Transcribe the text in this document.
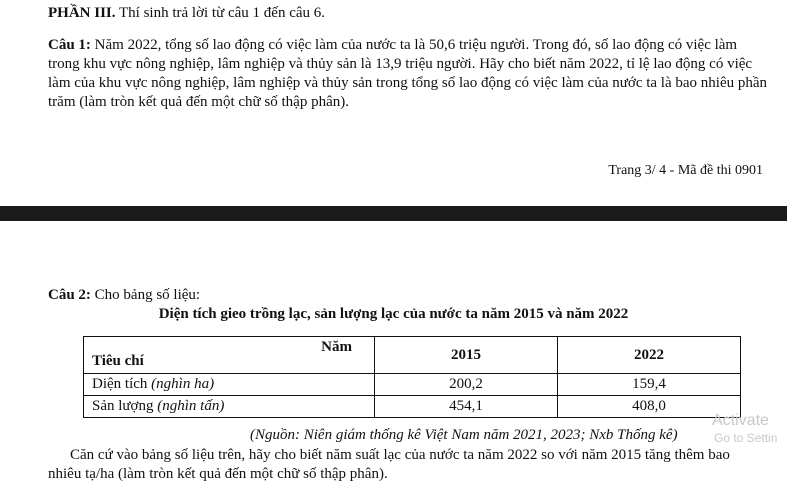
PHẦN III. Thí sinh trả lời từ câu 1 đến câu 6.
Câu 1: Năm 2022, tổng số lao động có việc làm của nước ta là 50,6 triệu người. Trong đó, số lao động có việc làm trong khu vực nông nghiệp, lâm nghiệp và thủy sản là 13,9 triệu người. Hãy cho biết năm 2022, tỉ lệ lao động có việc làm của khu vực nông nghiệp, lâm nghiệp và thủy sản trong tổng số lao động có việc làm của nước ta là bao nhiêu phần trăm (làm tròn kết quả đến một chữ số thập phân).
Trang 3/ 4 - Mã đề thi 0901
Câu 2: Cho bảng số liệu:
Diện tích gieo trồng lạc, sản lượng lạc của nước ta năm 2015 và năm 2022
Năm
Tiêu chí	2015	2022
Diện tích (nghìn ha)	200,2	159,4
Sản lượng (nghìn tấn)	454,1	408,0
(Nguồn: Niên giám thống kê Việt Nam năm 2021, 2023; Nxb Thống kê)
Căn cứ vào bảng số liệu trên, hãy cho biết năm suất lạc của nước ta năm 2022 so với năm 2015 tăng thêm bao nhiêu tạ/ha (làm tròn kết quả đến một chữ số thập phân).
Activate
Go to Settin
